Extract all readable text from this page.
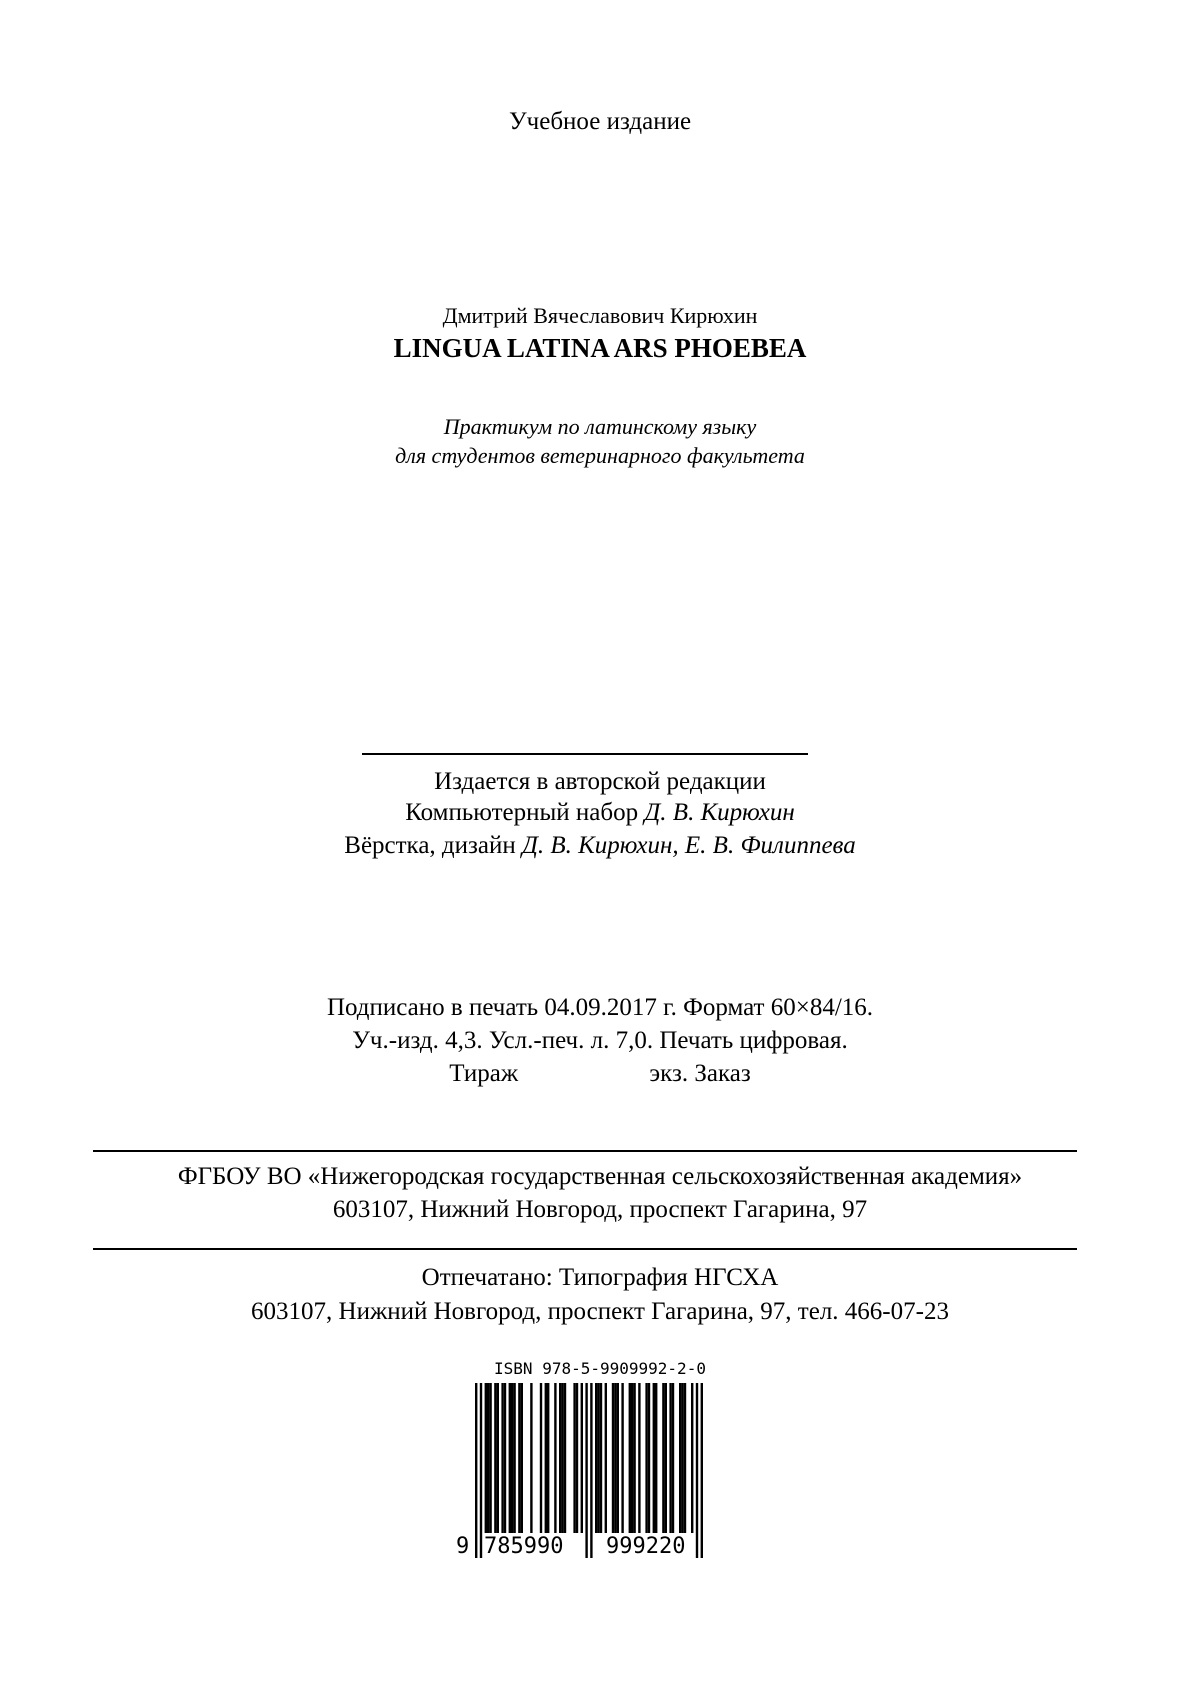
Учебное издание
Дмитрий Вячеславович Кирюхин
LINGUA LATINA ARS PHOEBEA
Практикум по латинскому языку
для студентов ветеринарного факультета
Издается в авторской редакции
Компьютерный набор Д. В. Кирюхин
Вёрстка, дизайн Д. В. Кирюхин, Е. В. Филиппева
Подписано в печать 04.09.2017 г. Формат 60×84/16.
Уч.-изд. 4,3. Усл.-печ. л. 7,0. Печать цифровая.
Тираж                     экз. Заказ
ФГБОУ ВО «Нижегородская государственная сельскохозяйственная академия»
603107, Нижний Новгород, проспект Гагарина, 97
Отпечатано: Типография НГСХА
603107, Нижний Новгород, проспект Гагарина, 97, тел. 466-07-23
ISBN 978-5-9909992-2-0
9 785990 999220
